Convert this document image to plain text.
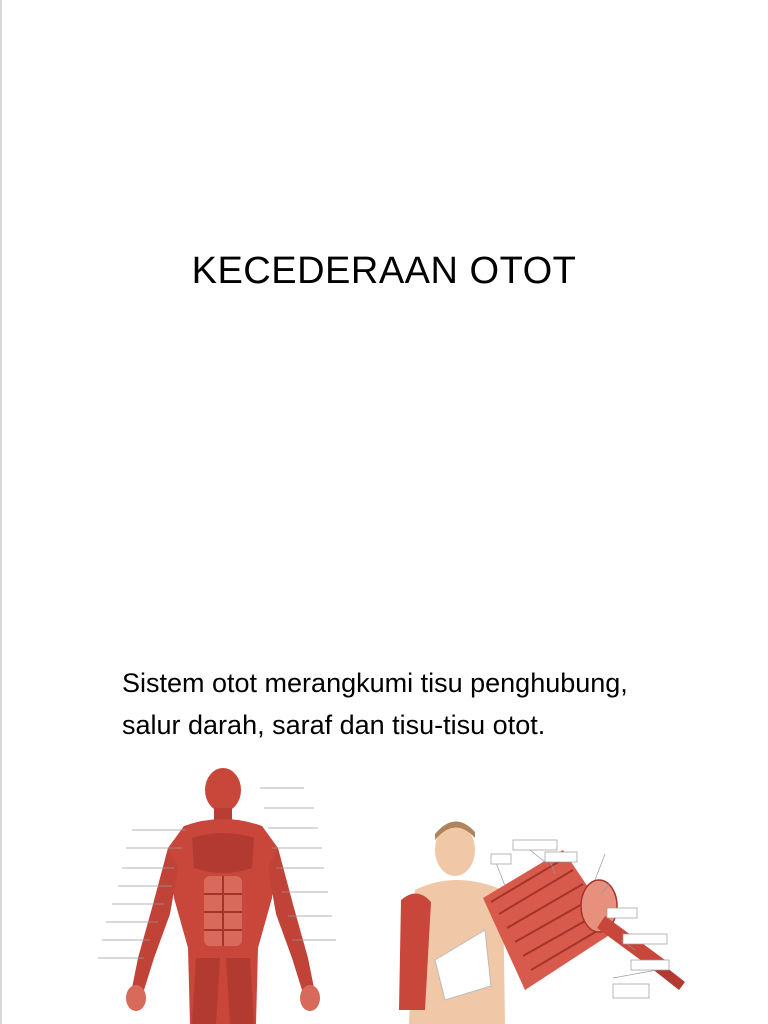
KECEDERAAN OTOT
Sistem otot merangkumi tisu penghubung,
salur darah, saraf dan tisu-tisu otot.
